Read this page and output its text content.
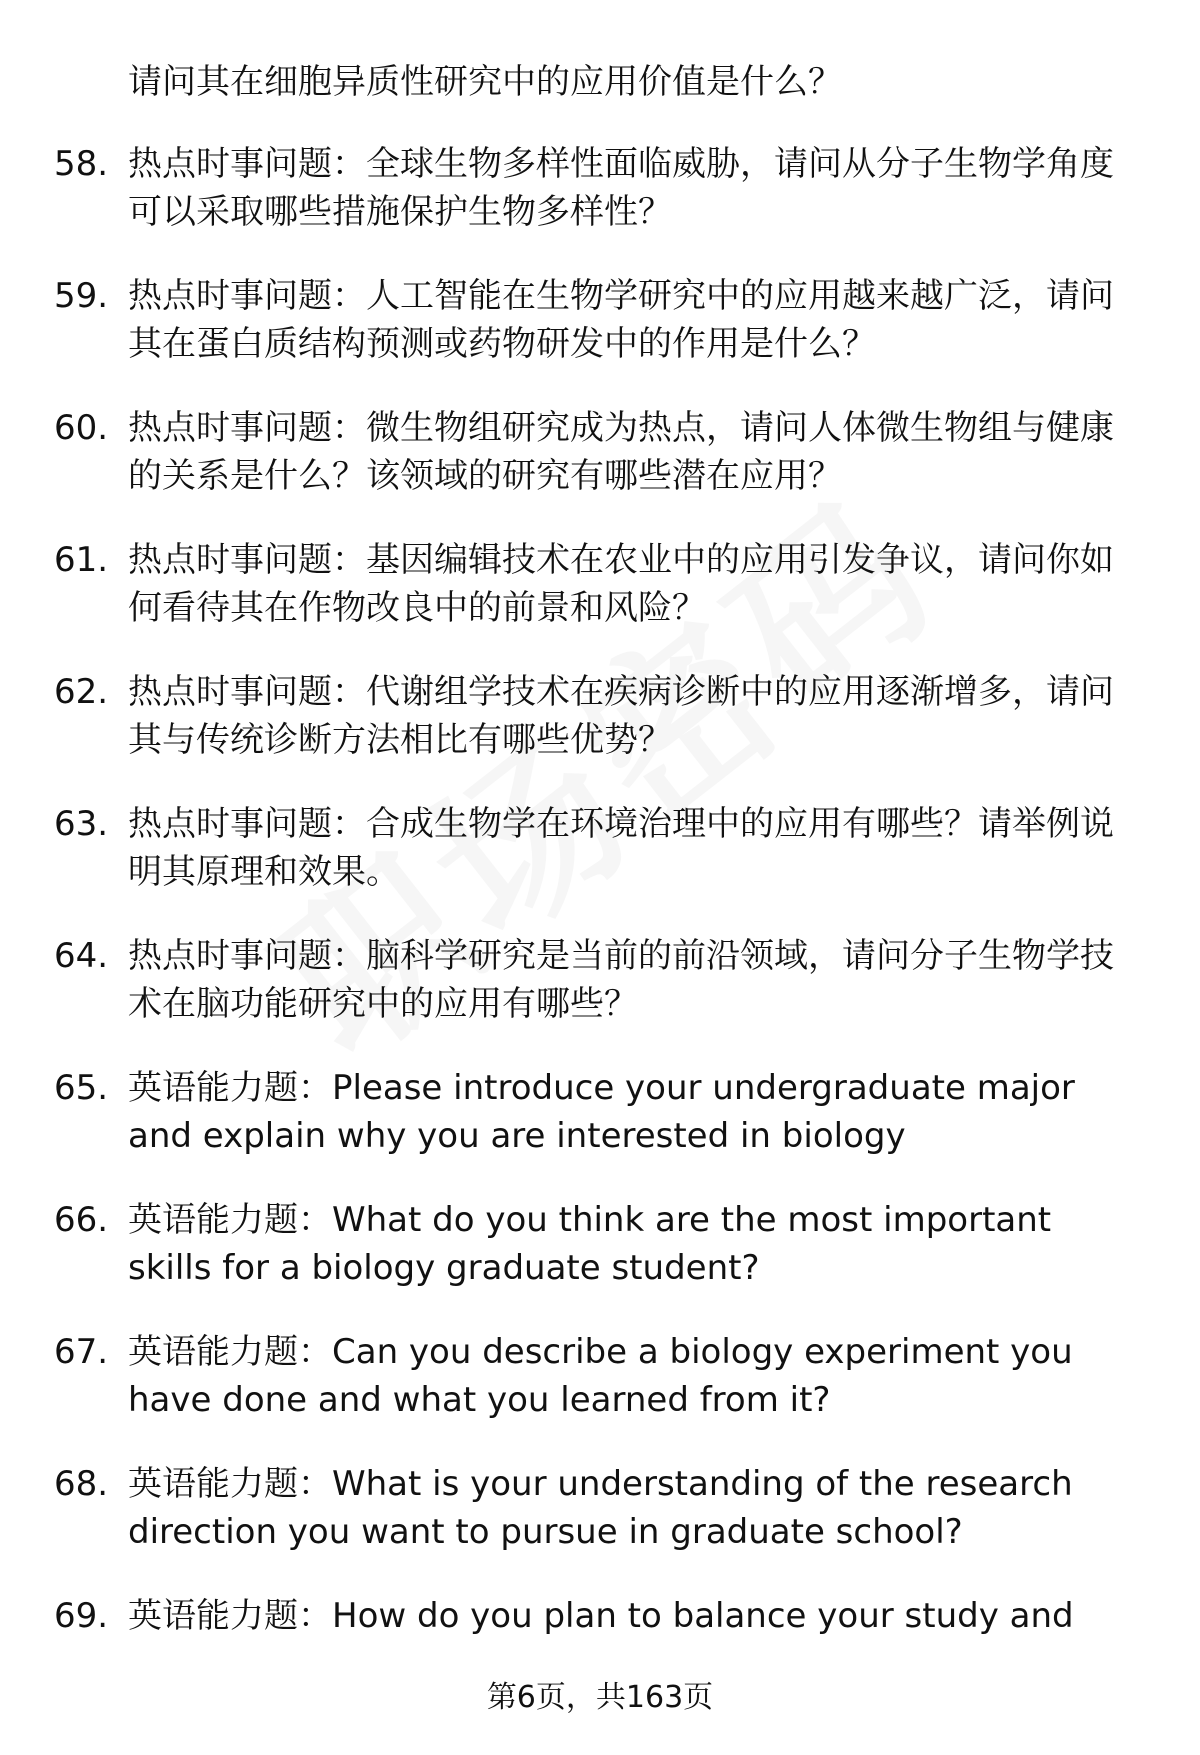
请问其在细胞异质性研究中的应用价值是什么？
58. 热点时事问题：全球生物多样性面临威胁，请问从分子生物学角度可以采取哪些措施保护生物多样性？
59. 热点时事问题：人工智能在生物学研究中的应用越来越广泛，请问其在蛋白质结构预测或药物研发中的作用是什么？
60. 热点时事问题：微生物组研究成为热点，请问人体微生物组与健康的关系是什么？该领域的研究有哪些潜在应用？
61. 热点时事问题：基因编辑技术在农业中的应用引发争议，请问你如何看待其在作物改良中的前景和风险？
62. 热点时事问题：代谢组学技术在疾病诊断中的应用逐渐增多，请问其与传统诊断方法相比有哪些优势？
63. 热点时事问题：合成生物学在环境治理中的应用有哪些？请举例说明其原理和效果。
64. 热点时事问题：脑科学研究是当前的前沿领域，请问分子生物学技术在脑功能研究中的应用有哪些？
65. 英语能力题：Please introduce your undergraduate major and explain why you are interested in biology
66. 英语能力题：What do you think are the most important skills for a biology graduate student?
67. 英语能力题：Can you describe a biology experiment you have done and what you learned from it?
68. 英语能力题：What is your understanding of the research direction you want to pursue in graduate school?
69. 英语能力题：How do you plan to balance your study and
第6页，共163页
